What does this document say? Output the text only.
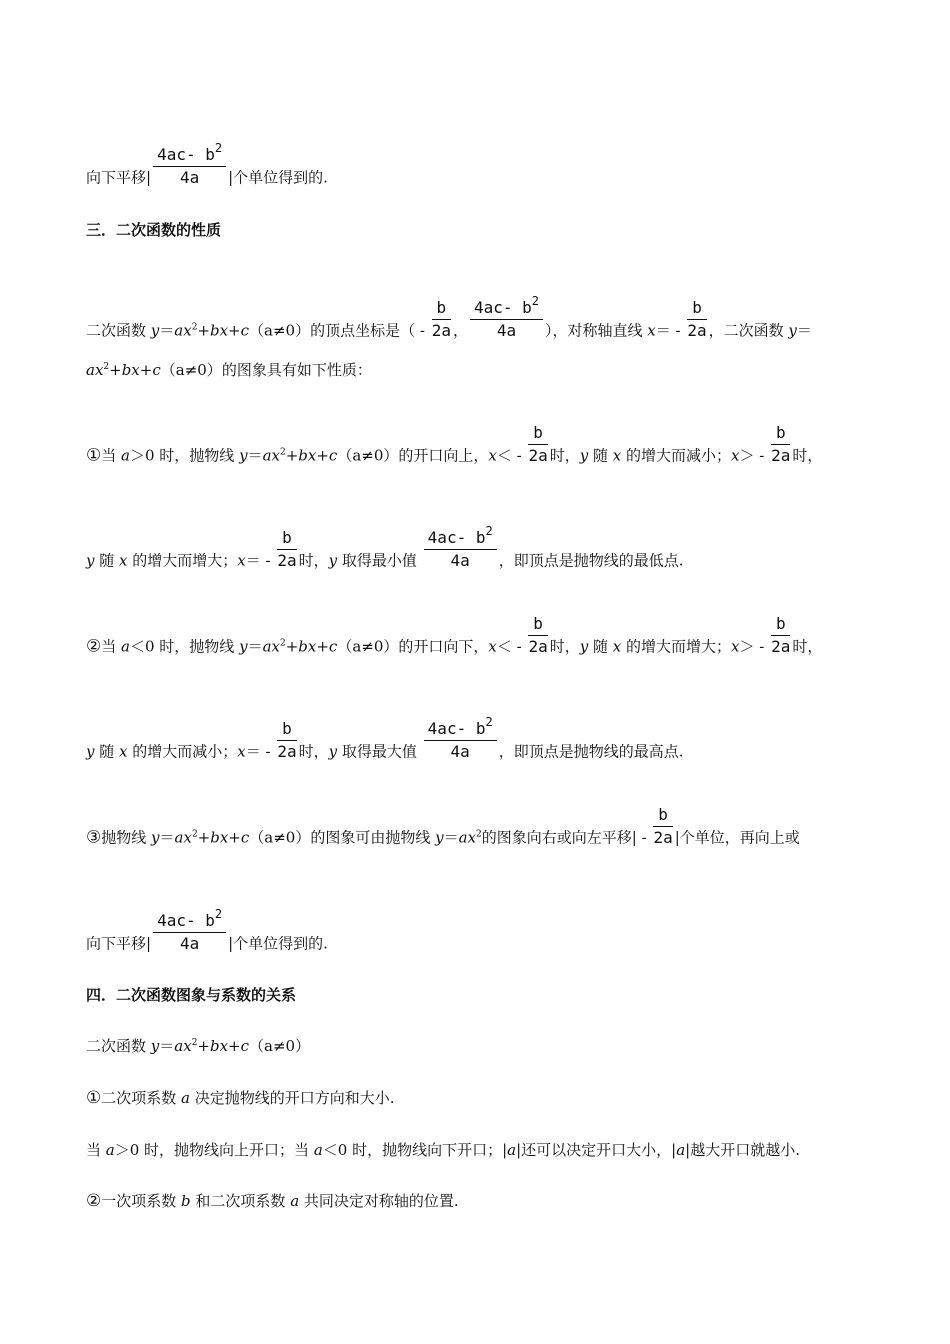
向下平移| $\frac{4ac- b^2}{4a}$ |个单位得到的.
三．二次函数的性质
二次函数 $y=ax^2+bx+c(a\ne 0)$的顶点坐标是（ - $\frac{b}{2a}$ ， $\frac{4ac- b^2}{4a}$ ），对称轴直线 $x= - \frac{b}{2a}$ ，二次函数 y＝
$ax^2+bx+c(a\ne 0)$的图象具有如下性质：
①当 a＞0 时，抛物线 $y=ax^2+bx+c(a\ne 0)$的开口向上，$x< - \frac{b}{2a}$ 时，y 随 x 的增大而减小；$x> - \frac{b}{2a}$ 时，
y 随 x 的增大而增大；$x= - \frac{b}{2a}$ 时，y 取得最小值 $\frac{4ac- b^2}{4a}$ ，即顶点是抛物线的最低点.
②当 a＜0 时，抛物线 $y=ax^2+bx+c(a\ne 0)$的开口向下，$x< - \frac{b}{2a}$ 时，y 随 x 的增大而增大；$x> - \frac{b}{2a}$ 时，
y 随 x 的增大而减小；$x= - \frac{b}{2a}$ 时，y 取得最大值 $\frac{4ac- b^2}{4a}$ ，即顶点是抛物线的最高点.
③抛物线 $y=ax^2+bx+c(a\ne 0)$的图象可由抛物线 $y=ax^2$的图象向右或向左平移| - $\frac{b}{2a}$ |个单位，再向上或
向下平移| $\frac{4ac- b^2}{4a}$ |个单位得到的.
四．二次函数图象与系数的关系
二次函数 $y=ax^2+bx+c(a\ne 0)$
①二次项系数 a 决定抛物线的开口方向和大小.
当 a＞0 时，抛物线向上开口；当 a＜0 时，抛物线向下开口；|a|还可以决定开口大小，|a|越大开口就越小.
②一次项系数 b 和二次项系数 a 共同决定对称轴的位置.
